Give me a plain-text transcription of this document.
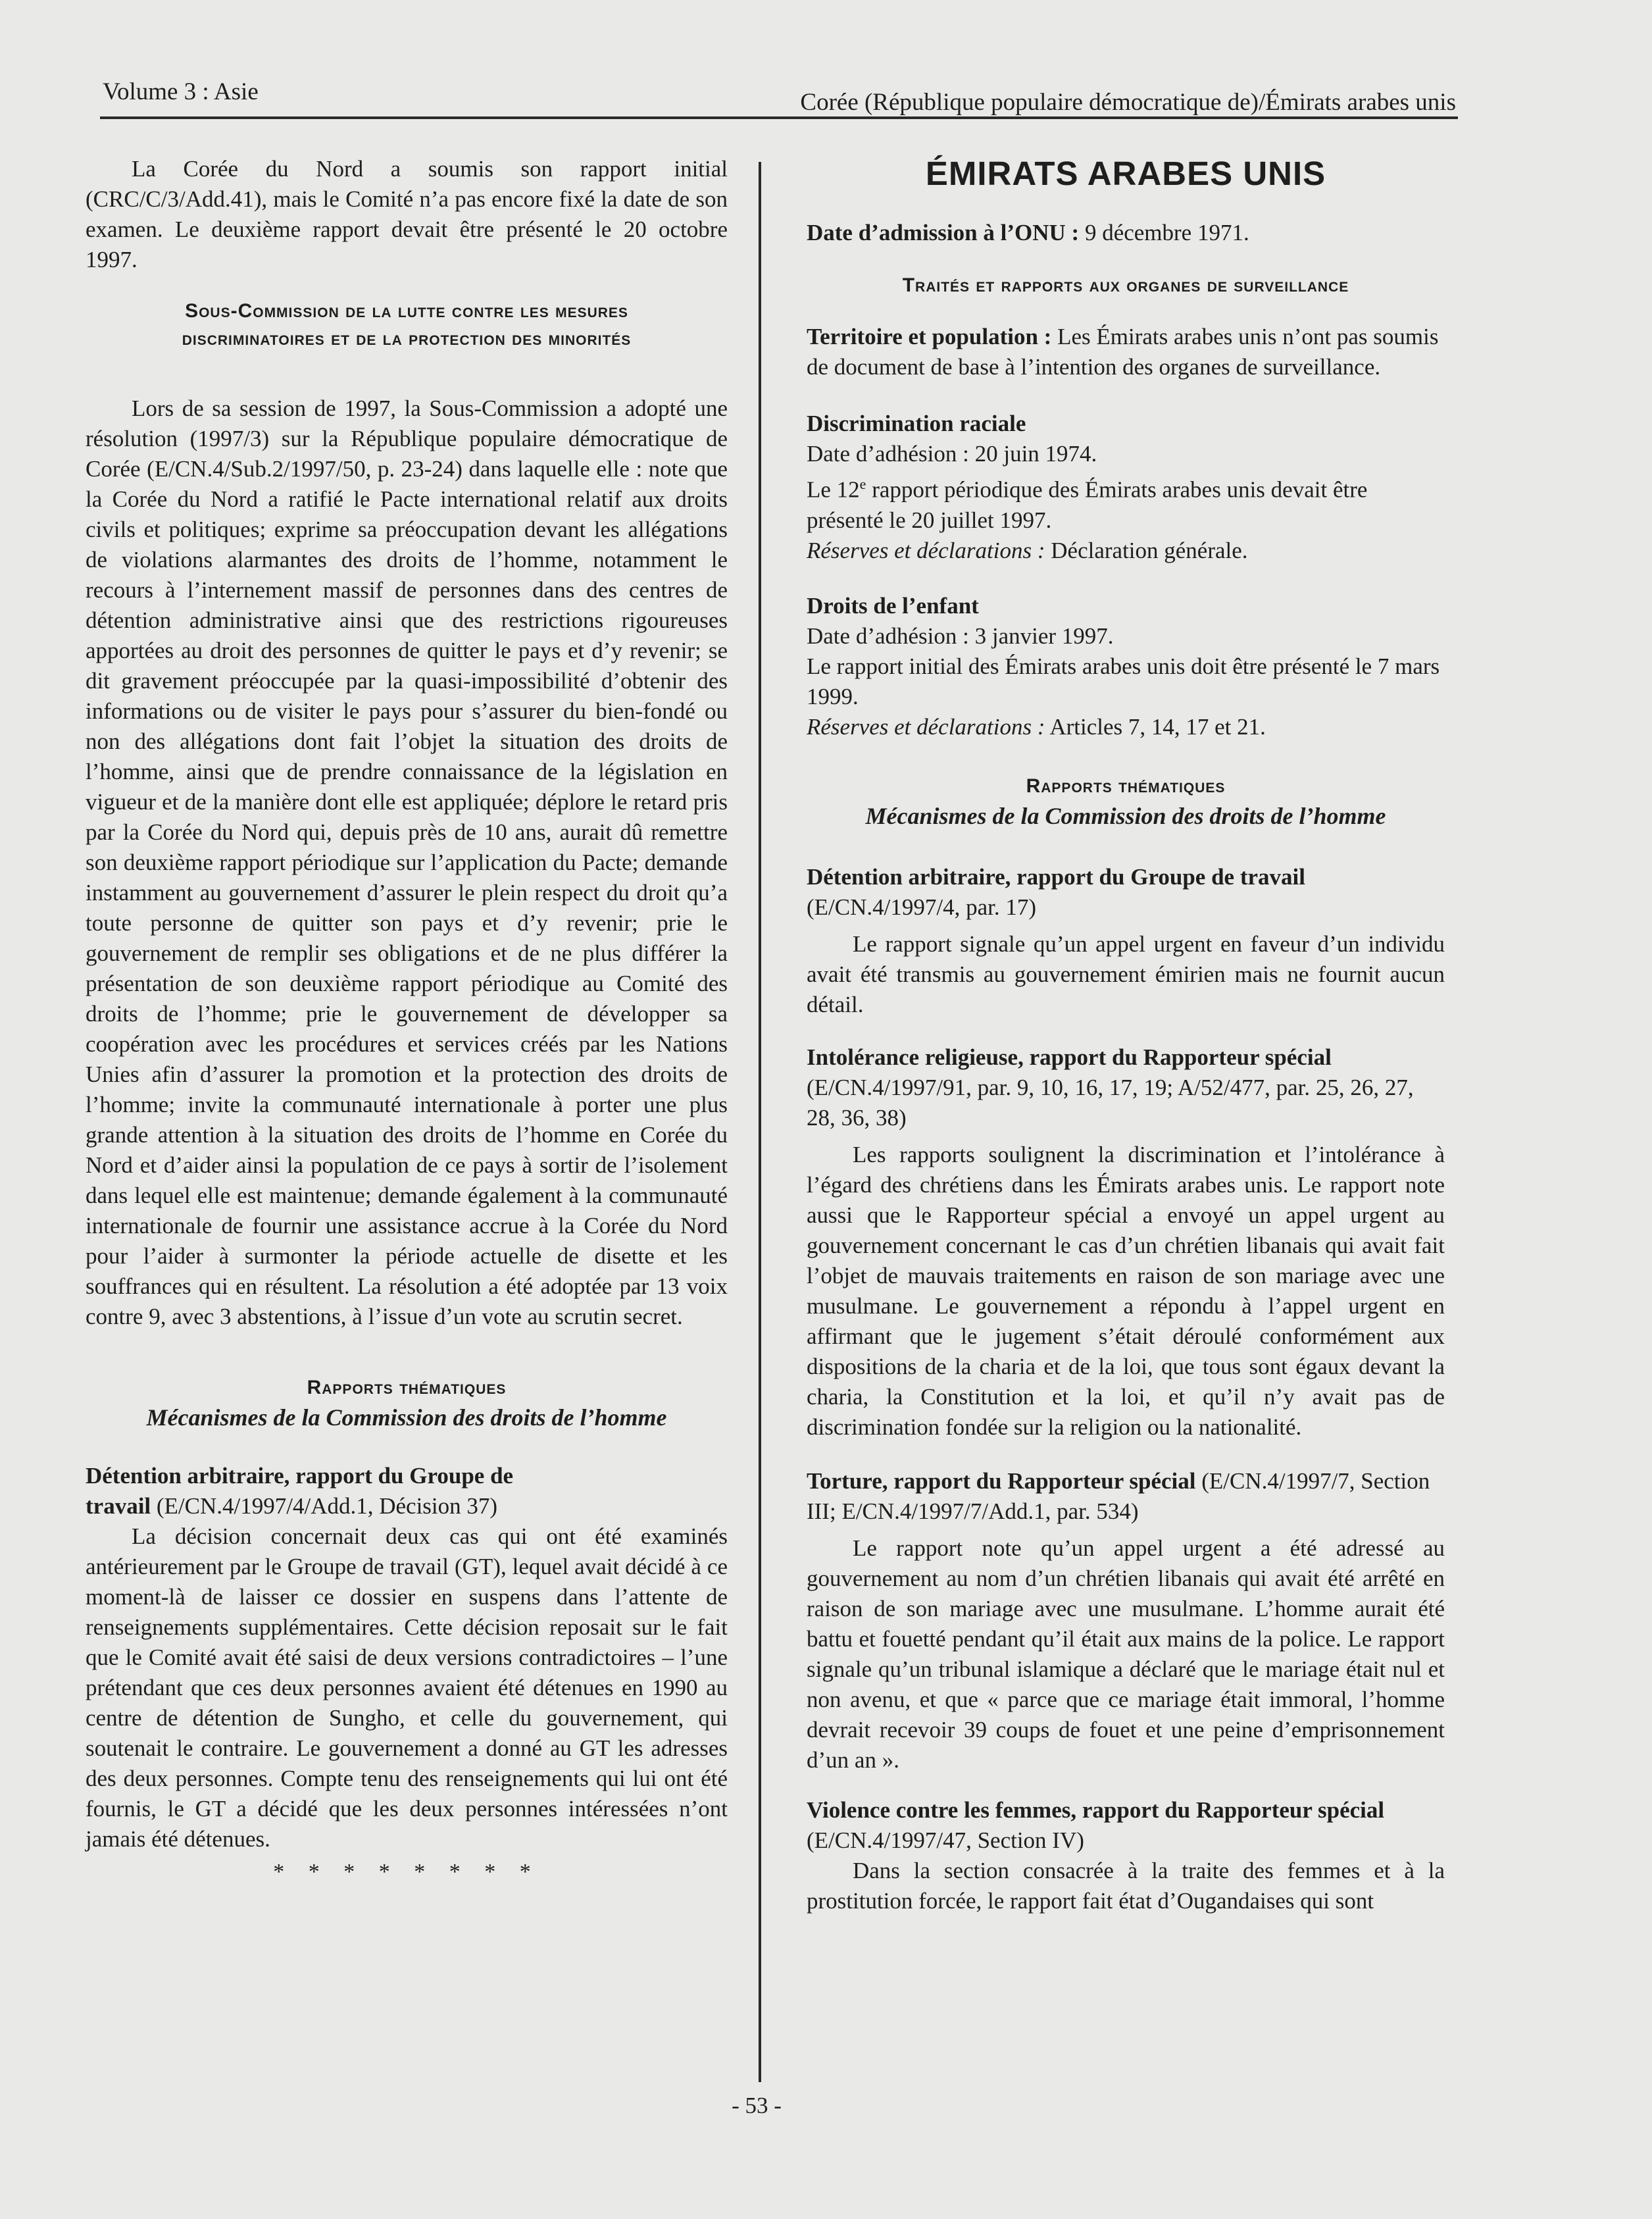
Volume 3 : Asie	Corée (République populaire démocratique de)/Émirats arabes unis

La Corée du Nord a soumis son rapport initial (CRC/C/3/Add.41), mais le Comité n’a pas encore fixé la date de son examen. Le deuxième rapport devait être présenté le 20 octobre 1997.

Sous-Commission de la lutte contre les mesures
discriminatoires et de la protection des minorités

Lors de sa session de 1997, la Sous-Commission a adopté une résolution (1997/3) sur la République populaire démocratique de Corée (E/CN.4/Sub.2/1997/50, p. 23-24) dans laquelle elle : note que la Corée du Nord a ratifié le Pacte international relatif aux droits civils et politiques; exprime sa préoccupation devant les allégations de violations alarmantes des droits de l’homme, notamment le recours à l’internement massif de personnes dans des centres de détention administrative ainsi que des restrictions rigoureuses apportées au droit des personnes de quitter le pays et d’y revenir; se dit gravement préoccupée par la quasi-impossibilité d’obtenir des informations ou de visiter le pays pour s’assurer du bien-fondé ou non des allégations dont fait l’objet la situation des droits de l’homme, ainsi que de prendre connaissance de la législation en vigueur et de la manière dont elle est appliquée; déplore le retard pris par la Corée du Nord qui, depuis près de 10 ans, aurait dû remettre son deuxième rapport périodique sur l’application du Pacte; demande instamment au gouvernement d’assurer le plein respect du droit qu’a toute personne de quitter son pays et d’y revenir; prie le gouvernement de remplir ses obligations et de ne plus différer la présentation de son deuxième rapport périodique au Comité des droits de l’homme; prie le gouvernement de développer sa coopération avec les procédures et services créés par les Nations Unies afin d’assurer la promotion et la protection des droits de l’homme; invite la communauté internationale à porter une plus grande attention à la situation des droits de l’homme en Corée du Nord et d’aider ainsi la population de ce pays à sortir de l’isolement dans lequel elle est maintenue; demande également à la communauté internationale de fournir une assistance accrue à la Corée du Nord pour l’aider à surmonter la période actuelle de disette et les souffrances qui en résultent. La résolution a été adoptée par 13 voix contre 9, avec 3 abstentions, à l’issue d’un vote au scrutin secret.

Rapports thématiques
Mécanismes de la Commission des droits de l’homme
Détention arbitraire, rapport du Groupe de
travail (E/CN.4/1997/4/Add.1, Décision 37)

La décision concernait deux cas qui ont été examinés antérieurement par le Groupe de travail (GT), lequel avait décidé à ce moment-là de laisser ce dossier en suspens dans l’attente de renseignements supplémentaires. Cette décision reposait sur le fait que le Comité avait été saisi de deux versions contradictoires – l’une prétendant que ces deux personnes avaient été détenues en 1990 au centre de détention de Sungho, et celle du gouvernement, qui soutenait le contraire. Le gouvernement a donné au GT les adresses des deux personnes. Compte tenu des renseignements qui lui ont été fournis, le GT a décidé que les deux personnes intéressées n’ont jamais été détenues.

* * * * * * * *
ÉMIRATS ARABES UNIS

Date d’admission à l’ONU : 9 décembre 1971.

Traités et rapports aux organes de surveillance

Territoire et population : Les Émirats arabes unis n’ont pas soumis de document de base à l’intention des organes de surveillance.

Discrimination raciale
Date d’adhésion : 20 juin 1974.
Le 12e rapport périodique des Émirats arabes unis devait être présenté le 20 juillet 1997.
Réserves et déclarations : Déclaration générale.
Droits de l’enfant
Date d’adhésion : 3 janvier 1997.
Le rapport initial des Émirats arabes unis doit être présenté le 7 mars 1999.
Réserves et déclarations : Articles 7, 14, 17 et 21.
Rapports thématiques
Mécanismes de la Commission des droits de l’homme
Détention arbitraire, rapport du Groupe de travail
(E/CN.4/1997/4, par. 17)

Le rapport signale qu’un appel urgent en faveur d’un individu avait été transmis au gouvernement émirien mais ne fournit aucun détail.

Intolérance religieuse, rapport du Rapporteur spécial
(E/CN.4/1997/91, par. 9, 10, 16, 17, 19; A/52/477, par. 25, 26, 27, 28, 36, 38)

Les rapports soulignent la discrimination et l’intolérance à l’égard des chrétiens dans les Émirats arabes unis. Le rapport note aussi que le Rapporteur spécial a envoyé un appel urgent au gouvernement concernant le cas d’un chrétien libanais qui avait fait l’objet de mauvais traitements en raison de son mariage avec une musulmane. Le gouvernement a répondu à l’appel urgent en affirmant que le jugement s’était déroulé conformément aux dispositions de la charia et de la loi, que tous sont égaux devant la charia, la Constitution et la loi, et qu’il n’y avait pas de discrimination fondée sur la religion ou la nationalité.

Torture, rapport du Rapporteur spécial (E/CN.4/1997/7, Section III; E/CN.4/1997/7/Add.1, par. 534)

Le rapport note qu’un appel urgent a été adressé au gouvernement au nom d’un chrétien libanais qui avait été arrêté en raison de son mariage avec une musulmane. L’homme aurait été battu et fouetté pendant qu’il était aux mains de la police. Le rapport signale qu’un tribunal islamique a déclaré que le mariage était nul et non avenu, et que « parce que ce mariage était immoral, l’homme devrait recevoir 39 coups de fouet et une peine d’emprisonnement d’un an ».

Violence contre les femmes, rapport du Rapporteur spécial (E/CN.4/1997/47, Section IV)

Dans la section consacrée à la traite des femmes et à la prostitution forcée, le rapport fait état d’Ougandaises qui sont

- 53 -
